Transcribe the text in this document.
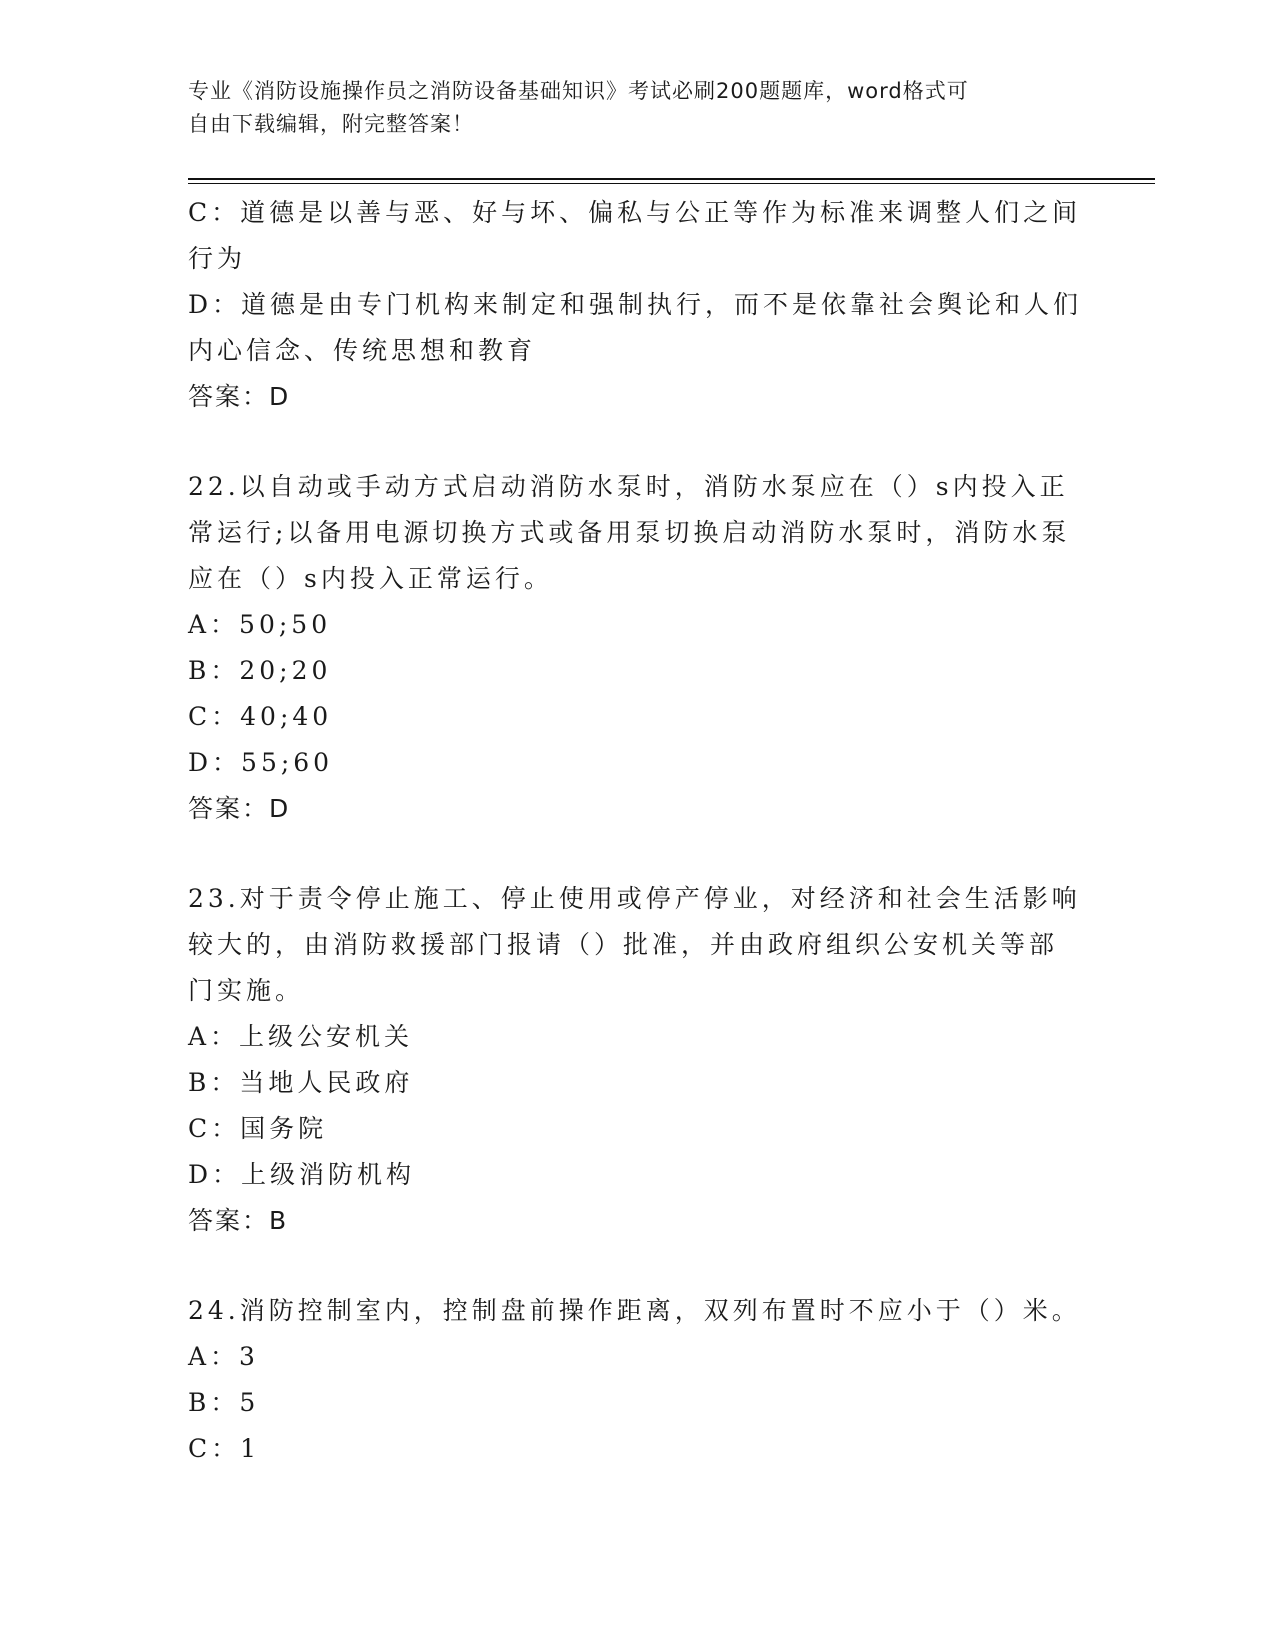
专业《消防设施操作员之消防设备基础知识》考试必刷200题题库，word格式可
自由下载编辑，附完整答案！
C：道德是以善与恶、好与坏、偏私与公正等作为标准来调整人们之间
行为
D：道德是由专门机构来制定和强制执行，而不是依靠社会舆论和人们
内心信念、传统思想和教育
答案：D
22.以自动或手动方式启动消防水泵时，消防水泵应在（）s内投入正
常运行;以备用电源切换方式或备用泵切换启动消防水泵时，消防水泵
应在（）s内投入正常运行。
A：50;50
B：20;20
C：40;40
D：55;60
答案：D
23.对于责令停止施工、停止使用或停产停业，对经济和社会生活影响
较大的，由消防救援部门报请（）批准，并由政府组织公安机关等部
门实施。
A：上级公安机关
B：当地人民政府
C：国务院
D：上级消防机构
答案：B
24.消防控制室内，控制盘前操作距离，双列布置时不应小于（）米。
A：3
B：5
C：1
